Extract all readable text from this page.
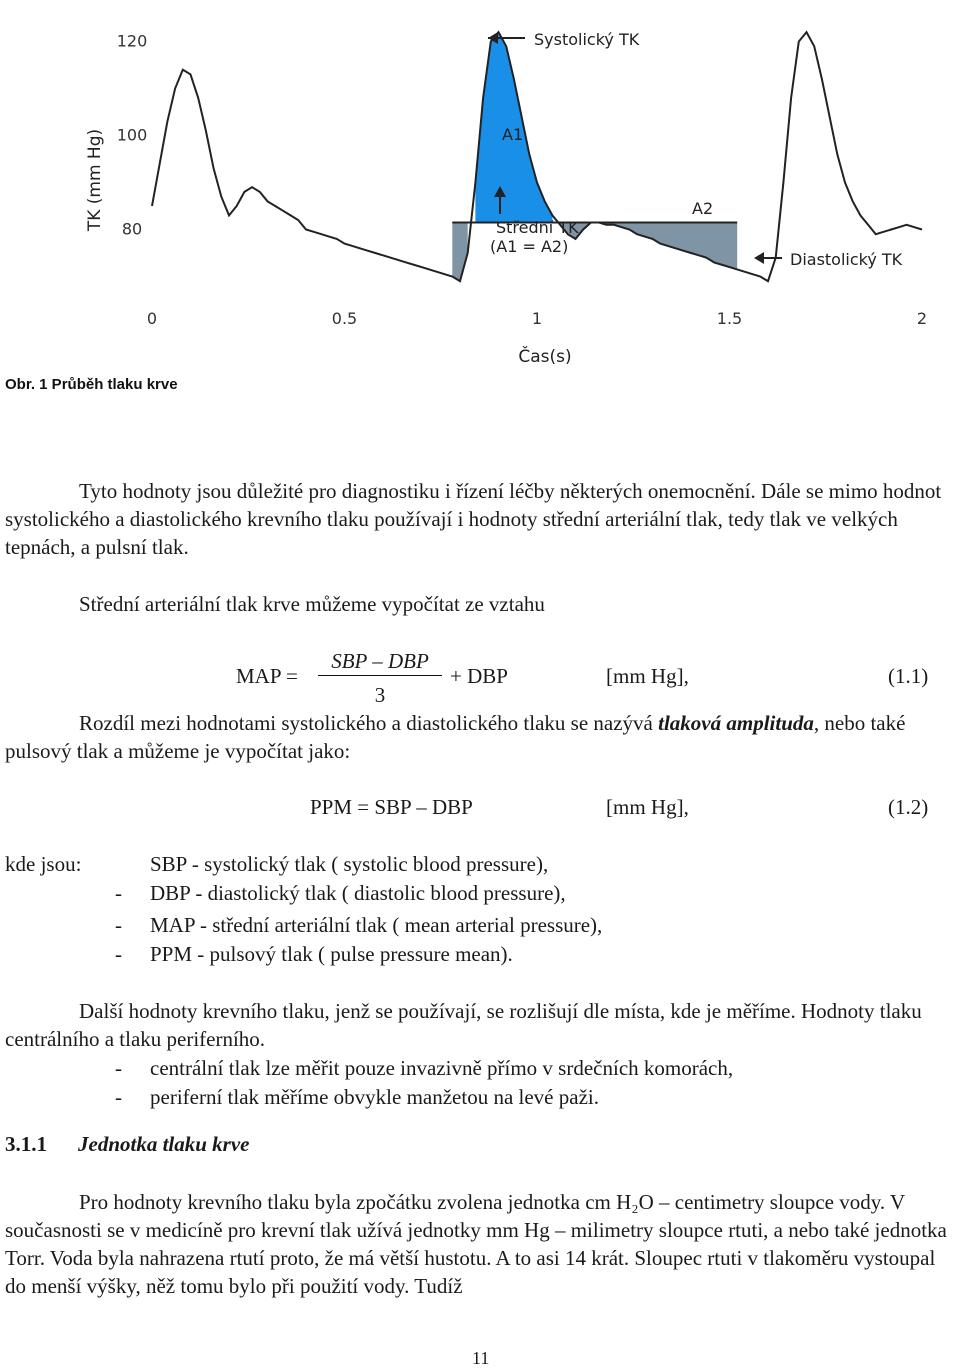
120
100
80
0	0.5	1	1.5	2
TK (mm Hg)
Čas(s)
A1
A2
Systolický TK
Střední TK
(A1 = A2)
Diastolický TK
Obr. 1 Průběh tlaku krve
Tyto hodnoty jsou důležité pro diagnostiku i řízení léčby některých onemocnění. Dále se mimo hodnot systolického a diastolického krevního tlaku používají i hodnoty střední arteriální tlak, tedy tlak ve velkých tepnách, a pulsní tlak.
Střední arteriální tlak krve můžeme vypočítat ze vztahu
MAP =
SBP – DBP
3
+ DBP	[mm Hg],	(1.1)
Rozdíl mezi hodnotami systolického a diastolického tlaku se nazývá tlaková amplituda, nebo také pulsový tlak a můžeme je vypočítat jako:
PPM = SBP – DBP	[mm Hg],	(1.2)
kde jsou:	SBP - systolický tlak ( systolic blood pressure),
- DBP - diastolický tlak ( diastolic blood pressure),
- MAP - střední arteriální tlak ( mean arterial pressure),
- PPM - pulsový tlak ( pulse pressure mean).
Další hodnoty krevního tlaku, jenž se používají, se rozlišují dle místa, kde je měříme. Hodnoty tlaku centrálního a tlaku periferního.
- centrální tlak lze měřit pouze invazivně přímo v srdečních komorách,
- periferní tlak měříme obvykle manžetou na levé paži.
3.1.1 Jednotka tlaku krve
Pro hodnoty krevního tlaku byla zpočátku zvolena jednotka cm H₂O – centimetry sloupce vody. V současnosti se v medicíně pro krevní tlak užívá jednotky mm Hg – milimetry sloupce rtuti, a nebo také jednotka Torr. Voda byla nahrazena rtutí proto, že má větší hustotu. A to asi 14 krát. Sloupec rtuti v tlakoměru vystoupal do menší výšky, něž tomu bylo při použití vody. Tudíž
11
